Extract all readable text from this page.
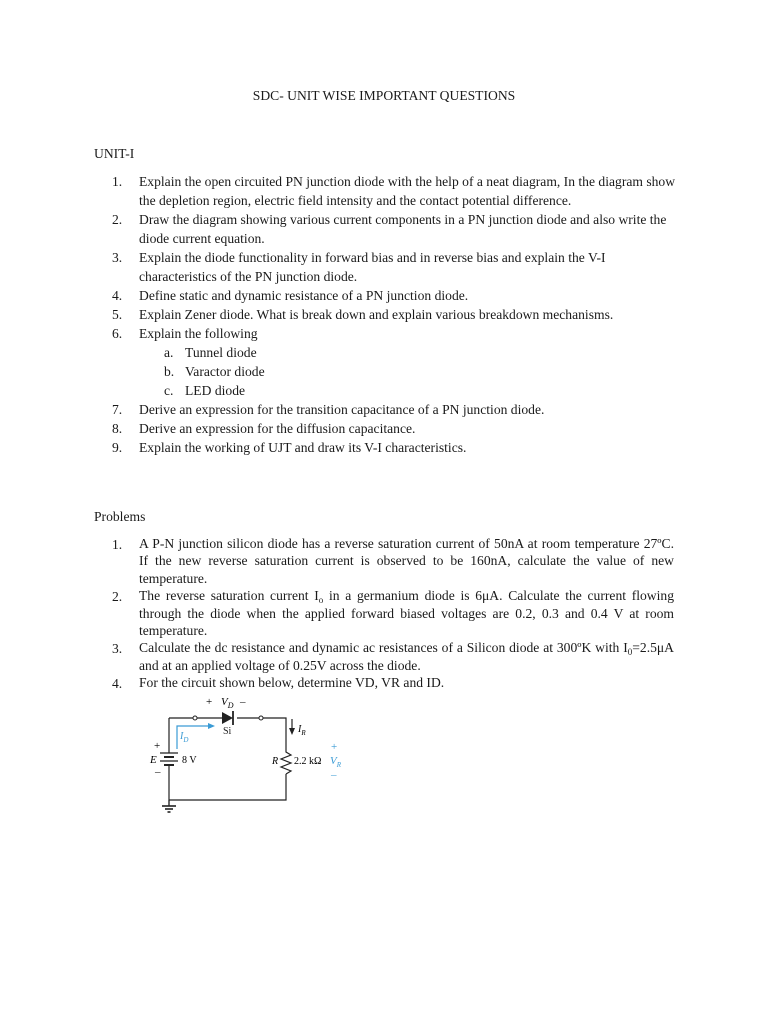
SDC- UNIT WISE IMPORTANT QUESTIONS
UNIT-I
1. Explain the open circuited PN junction diode with the help of a neat diagram, In the diagram show the depletion region, electric field intensity and the contact potential difference.
2. Draw the diagram showing various current components in a PN junction diode and also write the diode current equation.
3. Explain the diode functionality in forward bias and in reverse bias and explain the V-I characteristics of the PN junction diode.
4. Define static and dynamic resistance of a PN junction diode.
5. Explain Zener diode. What is break down and explain various breakdown mechanisms.
6. Explain the following
a. Tunnel diode
b. Varactor diode
c. LED diode
7. Derive an expression for the transition capacitance of a PN junction diode.
8. Derive an expression for the diffusion capacitance.
9. Explain the working of UJT and draw its V-I characteristics.
Problems
1. A P-N junction silicon diode has a reverse saturation current of 50nA at room temperature 27ºC. If the new reverse saturation current is observed to be 160nA, calculate the value of new temperature.
2. The reverse saturation current $I_o$ in a germanium diode is 6μA. Calculate the current flowing through the diode when the applied forward biased voltages are 0.2, 0.3 and 0.4 V at room temperature.
3. Calculate the dc resistance and dynamic ac resistances of a Silicon diode at 300ºK with $I_0=2.5\mu A$ and at an applied voltage of 0.25V across the diode.
4. For the circuit shown below, determine VD, VR and ID.
Si
+ $V_D$ –
$I_R$
$I_D$
+
E
–
8 V	R 2.2 kΩ
+
$V_R$
–
